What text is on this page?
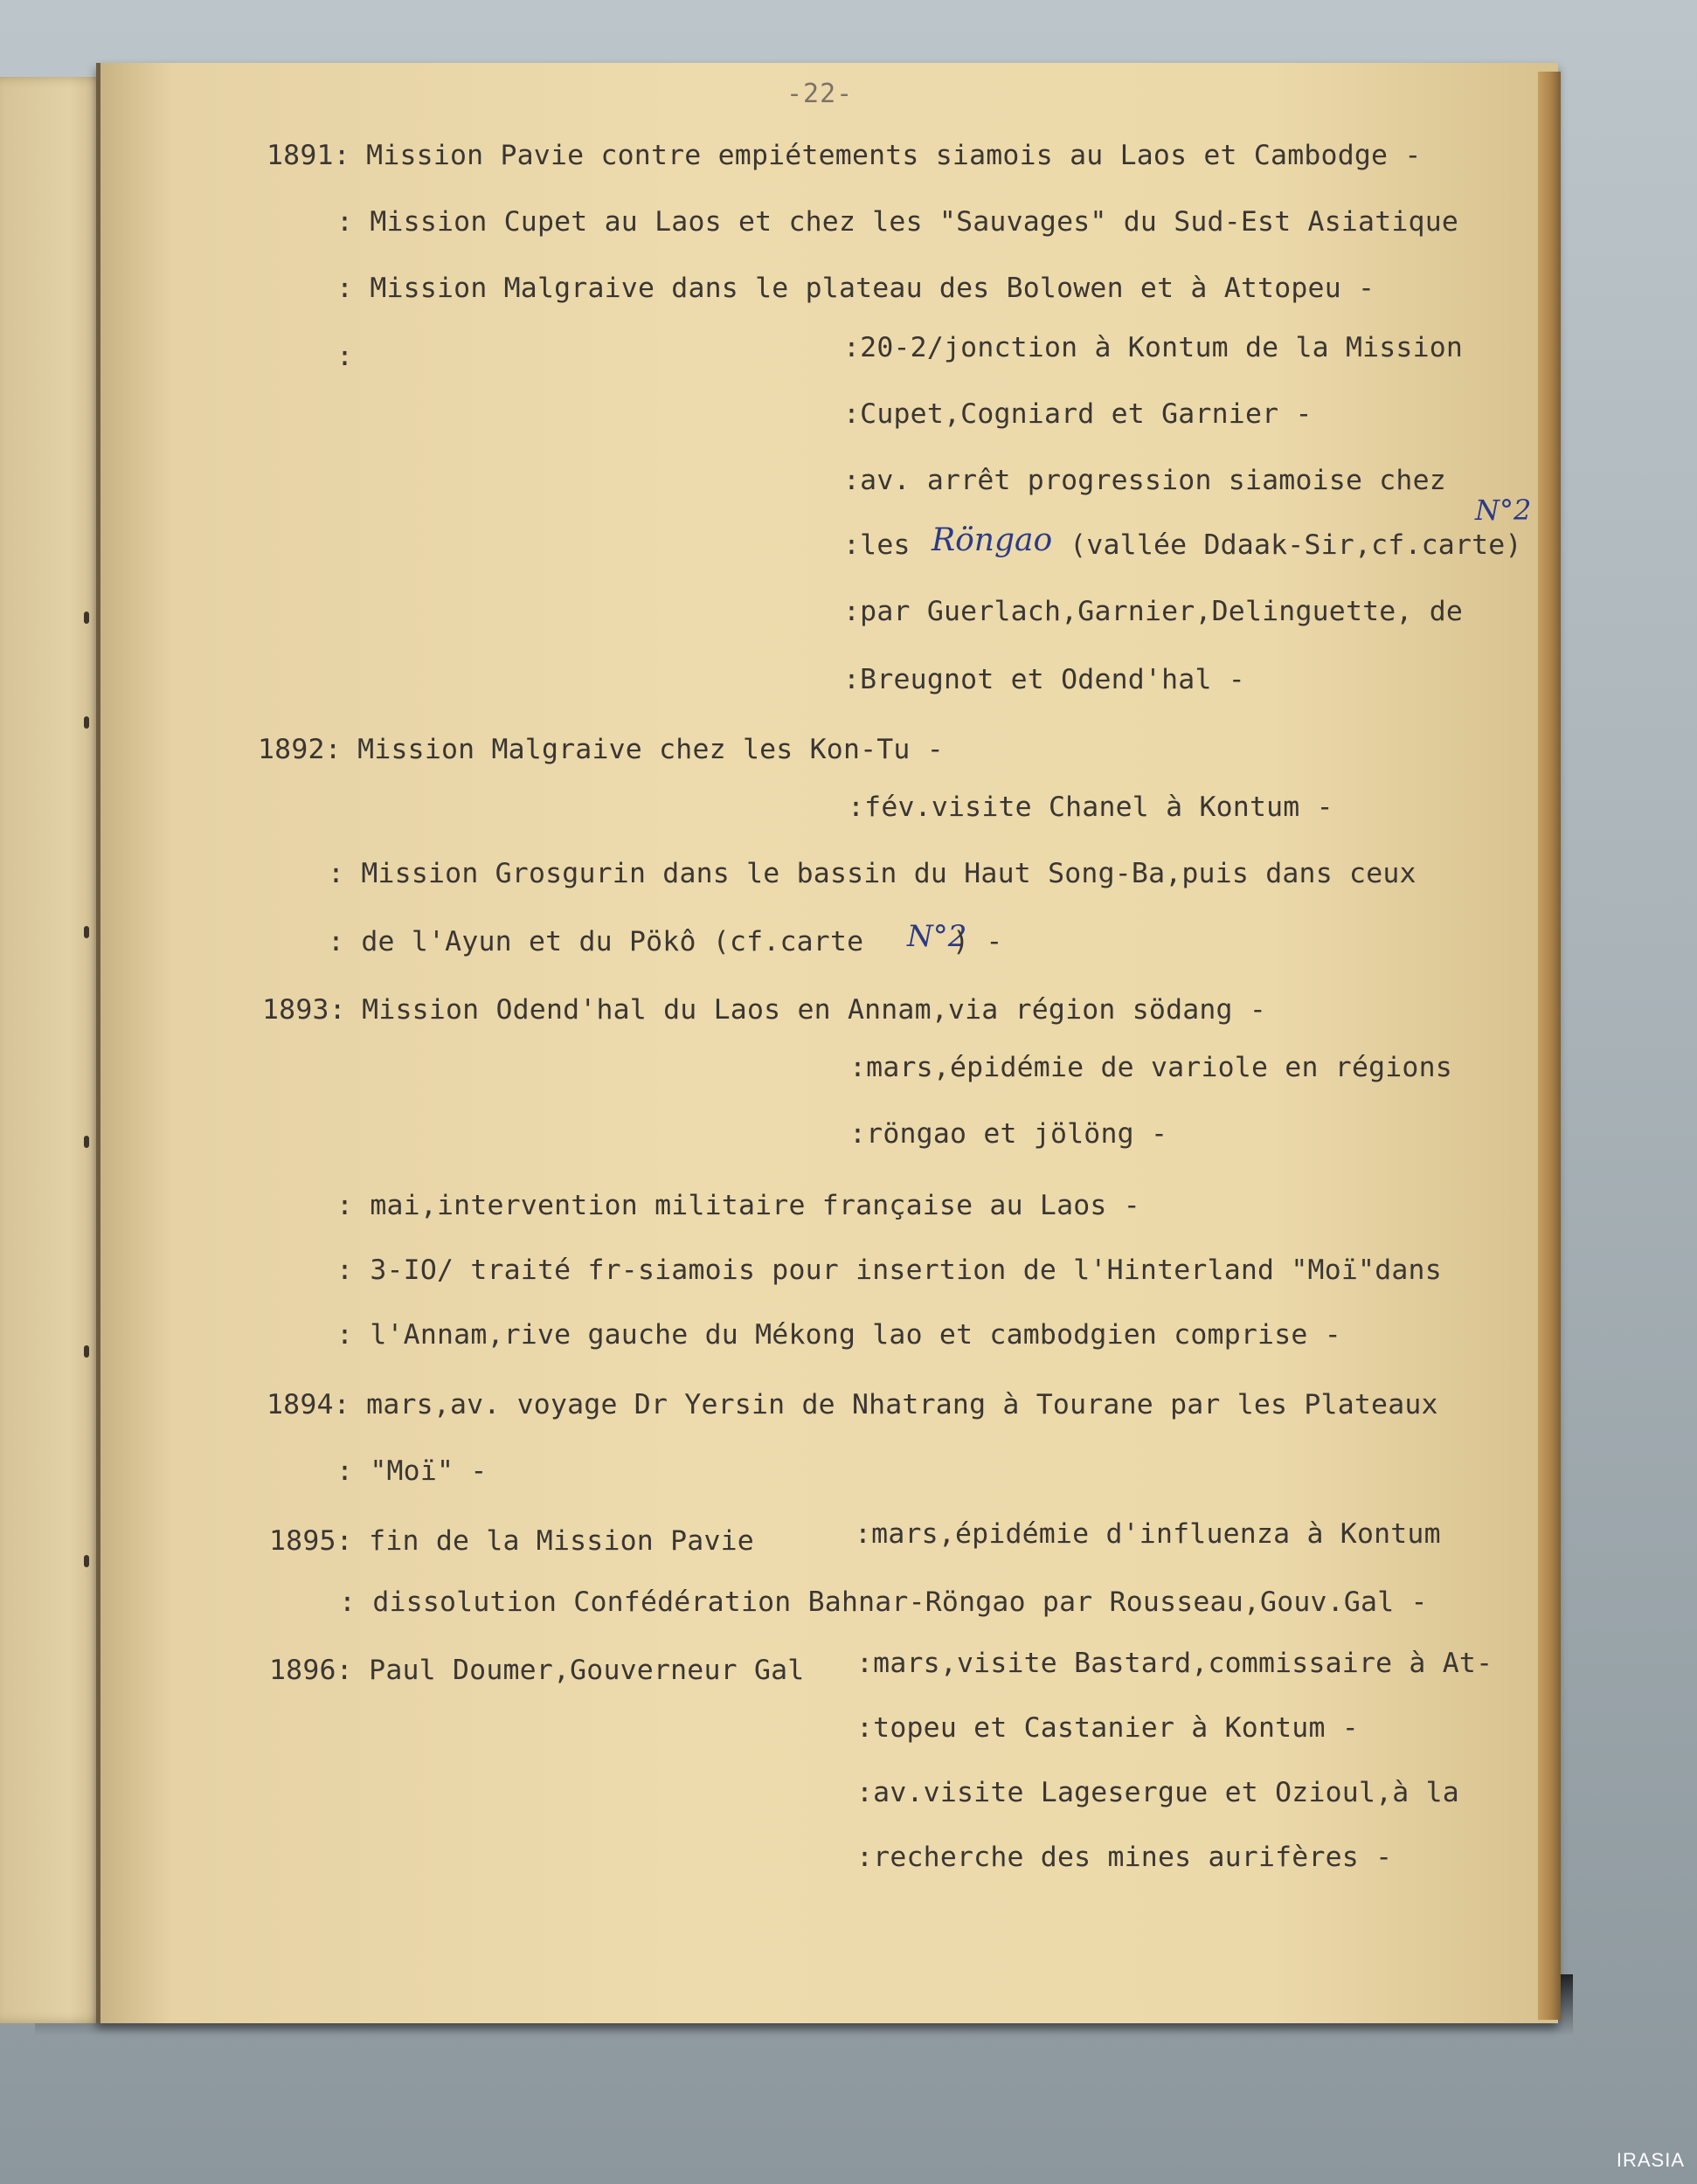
-22-
1891: Mission Pavie contre empiétements siamois au Laos et Cambodge -
: Mission Cupet au Laos et chez les "Sauvages" du Sud-Est Asiatique
: Mission Malgraive dans le plateau des Bolowen et à Attopeu -
:	:20-2/jonction à Kontum de la Mission
:Cupet,Cogniard et Garnier -
:av. arrêt progression siamoise chez
N°2
:les Röngao (vallée Ddaak-Sir,cf.carte)
:par Guerlach,Garnier,Delinguette, de
:Breugnot et Odend'hal -
1892: Mission Malgraive chez les Kon-Tu -
:fév.visite Chanel à Kontum -
: Mission Grosgurin dans le bassin du Haut Song-Ba,puis dans ceux
: de l'Ayun et du Pökô (cf.carte N°2
) -
1893: Mission Odend'hal du Laos en Annam,via région södang -
:mars,épidémie de variole en régions
:röngao et jölöng -
: mai,intervention militaire française au Laos -
: 3-IO/ traité fr-siamois pour insertion de l'Hinterland "Moï"dans
: l'Annam,rive gauche du Mékong lao et cambodgien comprise -
1894: mars,av. voyage Dr Yersin de Nhatrang à Tourane par les Plateaux
: "Moï" -
1895: fin de la Mission Pavie	:mars,épidémie d'influenza à Kontum
: dissolution Confédération Bahnar-Röngao par Rousseau,Gouv.Gal -
1896: Paul Doumer,Gouverneur Gal :mars,visite Bastard,commissaire à At-
:topeu et Castanier à Kontum -
:av.visite Lagesergue et Ozioul,à la
:recherche des mines aurifères -
IRASIA
